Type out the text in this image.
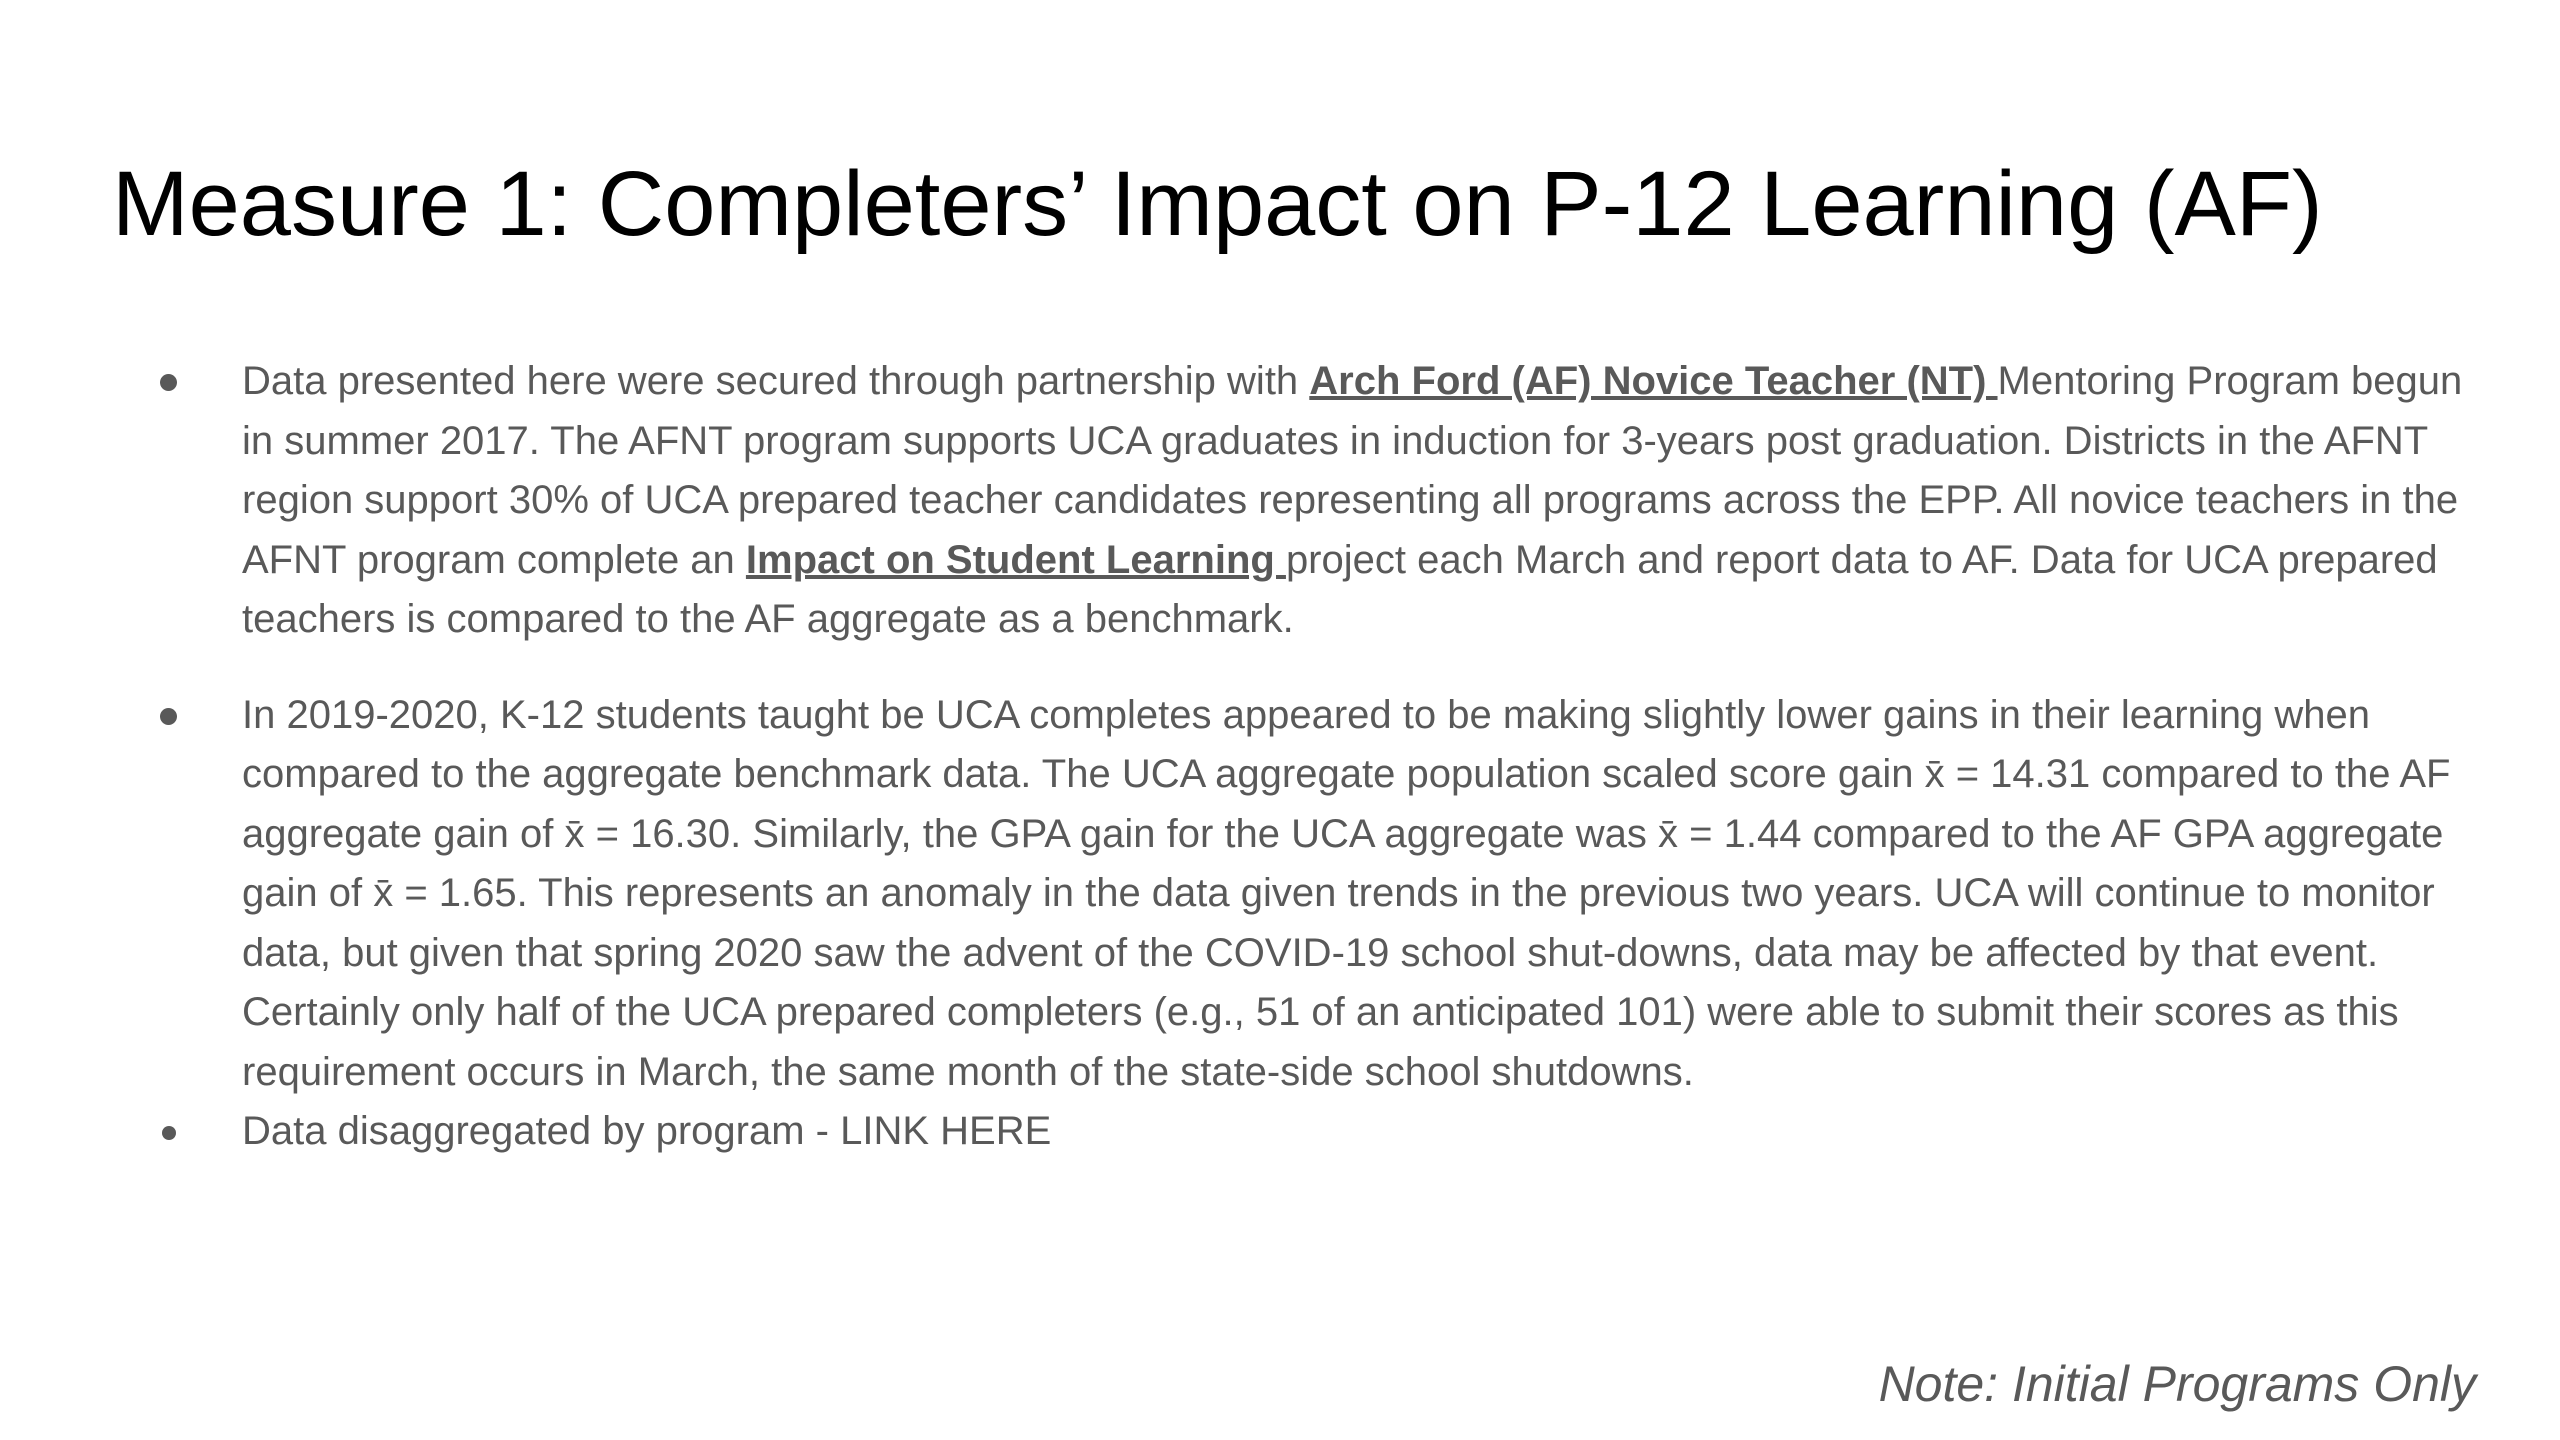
Measure 1: Completers’ Impact on P-12 Learning (AF)
Data presented here were secured through partnership with Arch Ford (AF) Novice Teacher (NT) Mentoring Program begun in summer 2017. The AFNT program supports UCA graduates in induction for 3-years post graduation. Districts in the AFNT region support 30% of UCA prepared teacher candidates representing all programs across the EPP. All novice teachers in the AFNT program complete an Impact on Student Learning project each March and report data to AF. Data for UCA prepared teachers is compared to the AF aggregate as a benchmark.
In 2019-2020, K-12 students taught be UCA completes appeared to be making slightly lower gains in their learning when compared to the aggregate benchmark data. The UCA aggregate population scaled score gain x̄ = 14.31 compared to the AF aggregate gain of x̄ = 16.30. Similarly, the GPA gain for the UCA aggregate was x̄ = 1.44 compared to the AF GPA aggregate gain of x̄ = 1.65. This represents an anomaly in the data given trends in the previous two years. UCA will continue to monitor data, but given that spring 2020 saw the advent of the COVID-19 school shut-downs, data may be affected by that event. Certainly only half of the UCA prepared completers (e.g., 51 of an anticipated 101) were able to submit their scores as this requirement occurs in March, the same month of the state-side school shutdowns.
Data disaggregated by program - LINK HERE
Note: Initial Programs Only
